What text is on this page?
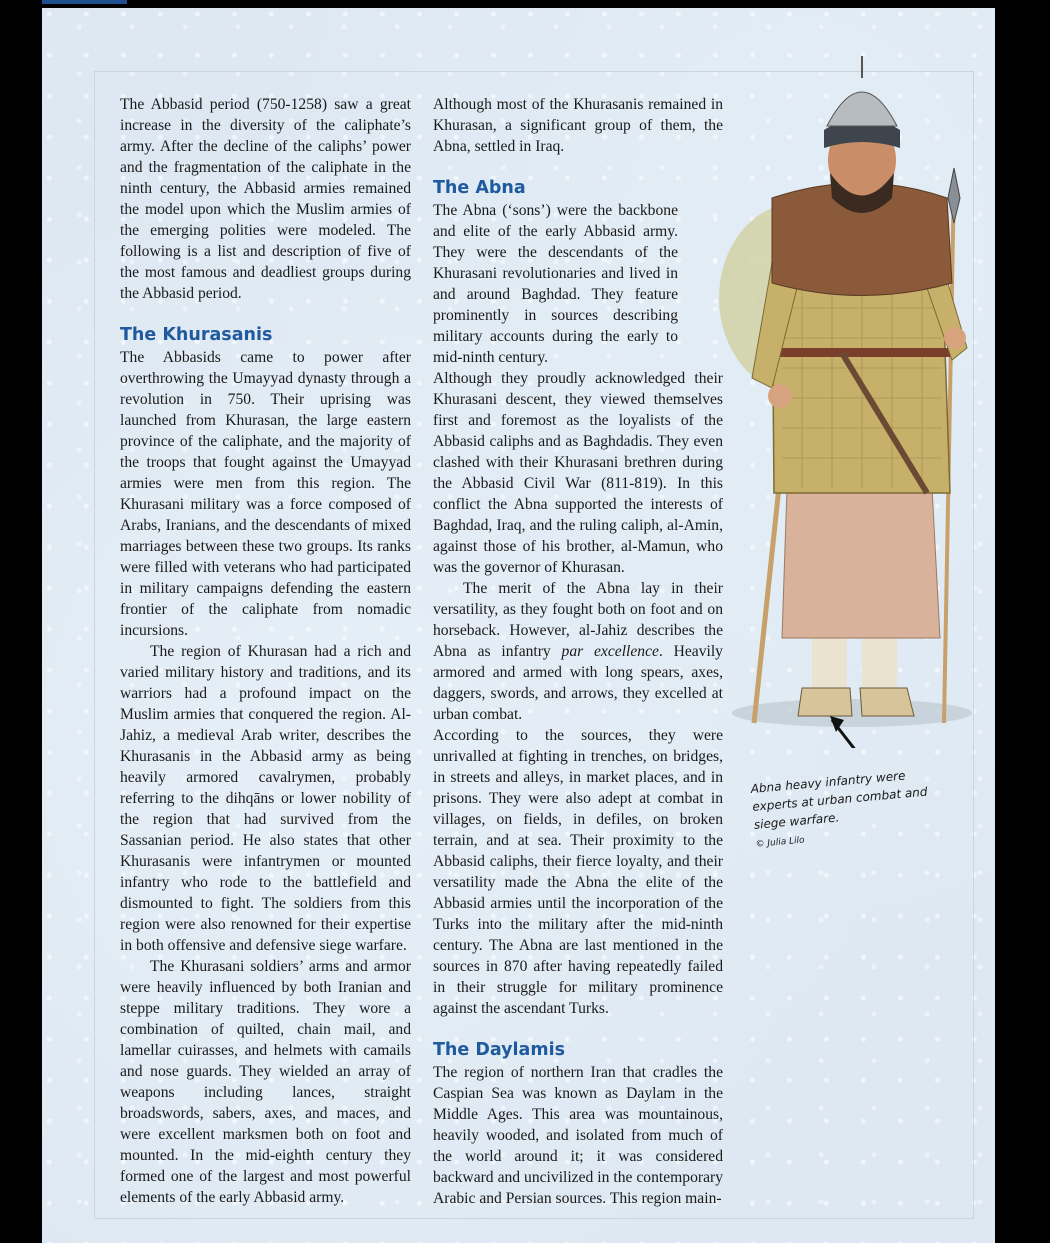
The Abbasid period (750-1258) saw a great increase in the diversity of the caliphate’s army. After the decline of the caliphs’ power and the fragmentation of the caliphate in the ninth century, the Abbasid armies remained the model upon which the Muslim armies of the emerging polities were modeled. The following is a list and description of five of the most famous and deadliest groups during the Abbasid period.

The Khurasanis

The Abbasids came to power after overthrowing the Umayyad dynasty through a revolution in 750. Their uprising was launched from Khurasan, the large eastern province of the caliphate, and the majority of the troops that fought against the Umayyad armies were men from this region. The Khurasani military was a force composed of Arabs, Iranians, and the descendants of mixed marriages between these two groups. Its ranks were filled with veterans who had participated in military campaigns defending the eastern frontier of the caliphate from nomadic incursions.

The region of Khurasan had a rich and varied military history and traditions, and its warriors had a profound impact on the Muslim armies that conquered the region. Al-Jahiz, a medieval Arab writer, describes the Khurasanis in the Abbasid army as being heavily armored cavalrymen, probably referring to the dihqāns or lower nobility of the region that had survived from the Sassanian period. He also states that other Khurasanis were infantrymen or mounted infantry who rode to the battlefield and dismounted to fight. The soldiers from this region were also renowned for their expertise in both offensive and defensive siege warfare.

The Khurasani soldiers’ arms and armor were heavily influenced by both Iranian and steppe military traditions. They wore a combination of quilted, chain mail, and lamellar cuirasses, and helmets with camails and nose guards. They wielded an array of weapons including lances, straight broadswords, sabers, axes, and maces, and were excellent marksmen both on foot and mounted. In the mid-eighth century they formed one of the largest and most powerful elements of the early Abbasid army.

Although most of the Khurasanis remained in Khurasan, a significant group of them, the Abna, settled in Iraq.

The Abna

The Abna (‘sons’) were the backbone and elite of the early Abbasid army. They were the descendants of the Khurasani revolutionaries and lived in and around Baghdad. They feature prominently in sources describing military accounts during the early to mid-ninth century.

Although they proudly acknowledged their Khurasani descent, they viewed themselves first and foremost as the loyalists of the Abbasid caliphs and as Baghdadis. They even clashed with their Khurasani brethren during the Abbasid Civil War (811-819). In this conflict the Abna supported the interests of Baghdad, Iraq, and the ruling caliph, al-Amin, against those of his brother, al-Mamun, who was the governor of Khurasan.

The merit of the Abna lay in their versatility, as they fought both on foot and on horseback. However, al-Jahiz describes the Abna as infantry par excellence. Heavily armored and armed with long spears, axes, daggers, swords, and arrows, they excelled at urban combat.

According to the sources, they were unrivalled at fighting in trenches, on bridges, in streets and alleys, in market places, and in prisons. They were also adept at combat in villages, on fields, in defiles, on broken terrain, and at sea. Their proximity to the Abbasid caliphs, their fierce loyalty, and their versatility made the Abna the elite of the Abbasid armies until the incorporation of the Turks into the military after the mid-ninth century. The Abna are last mentioned in the sources in 870 after having repeatedly failed in their struggle for military prominence against the ascendant Turks.

The Daylamis

The region of northern Iran that cradles the Caspian Sea was known as Daylam in the Middle Ages. This area was mountainous, heavily wooded, and isolated from much of the world around it; it was considered backward and uncivilized in the contemporary Arabic and Persian sources. This region main-

Abna heavy infantry were experts at urban combat and siege warfare.
© Julia Lilo
